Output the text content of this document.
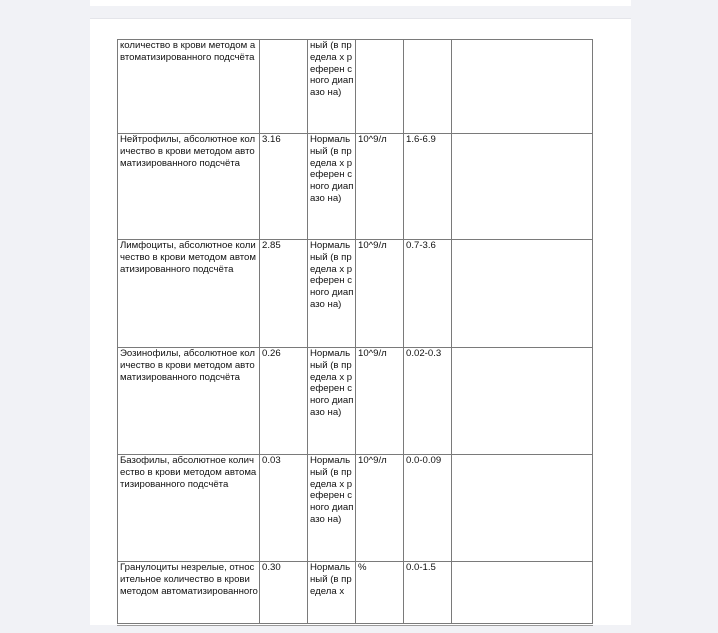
количество в крови методом автоматизированного подсчёта		ный (в предела х референ сного диапазо на)			
Нейтрофилы, абсолютное количество в крови методом автоматизированного подсчёта	3.16	Нормаль ный (в предела х референ сного диапазо на)	10^9/л	1.6-6.9	
Лимфоциты, абсолютное количество в крови методом автоматизированного подсчёта	2.85	Нормаль ный (в предела х референ сного диапазо на)	10^9/л	0.7-3.6	
Эозинофилы, абсолютное количество в крови методом автоматизированного подсчёта	0.26	Нормаль ный (в предела х референ сного диапазо на)	10^9/л	0.02-0.3	
Базофилы, абсолютное количество в крови методом автоматизированного подсчёта	0.03	Нормаль ный (в предела х референ сного диапазо на)	10^9/л	0.0-0.09	
Гранулоциты незрелые, относительное количество в крови методом автоматизированного	0.30	Нормаль ный (в предела х	%	0.0-1.5	
